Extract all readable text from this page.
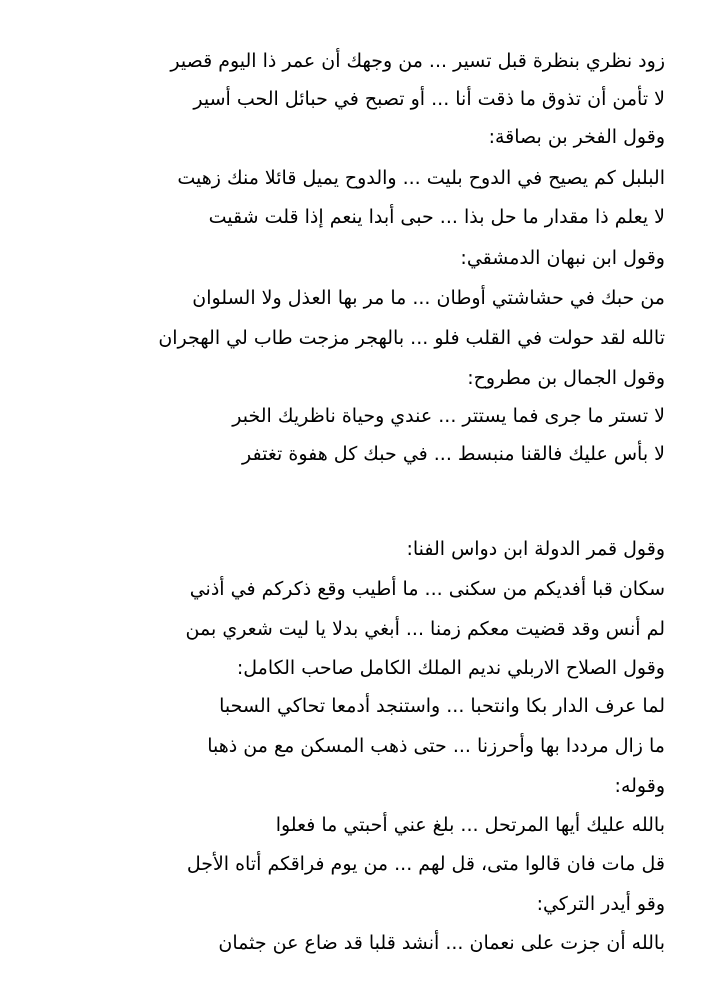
زود نظري بنظرة قبل تسير ... من وجهك أن عمر ذا اليوم قصير
لا تأمن أن تذوق ما ذقت أنا ... أو تصبح في حبائل الحب أسير
وقول الفخر بن بصاقة:
البلبل كم يصيح في الدوح بليت ... والدوح يميل قائلا منك زهيت
لا يعلم ذا مقدار ما حل بذا ... حبى أبدا ينعم إذا قلت شقيت
وقول ابن نبهان الدمشقي:
من حبك في حشاشتي أوطان ... ما مر بها العذل ولا السلوان
تالله لقد حولت في القلب فلو ... بالهجر مزجت طاب لي الهجران
وقول الجمال بن مطروح:
لا تستر ما جرى فما يستتر ... عندي وحياة ناظريك الخبر
لا بأس عليك فالقنا منبسط ... في حبك كل هفوة تغتفر
وقول قمر الدولة ابن دواس الفنا:
سكان قبا أفديكم من سكنى ... ما أطيب وقع ذكركم في أذني
لم أنس وقد قضيت معكم زمنا ... أبغي بدلا يا ليت شعري بمن
وقول الصلاح الاربلي نديم الملك الكامل صاحب الكامل:
لما عرف الدار بكا وانتحبا ... واستنجد أدمعا تحاكي السحبا
ما زال مرددا بها وأحرزنا ... حتى ذهب المسكن مع من ذهبا
وقوله:
بالله عليك أيها المرتحل ... بلغ عني أحبتي ما فعلوا
قل مات فان قالوا متى، قل لهم ... من يوم فراقكم أتاه الأجل
وقو أيدر التركي:
بالله أن جزت على نعمان ... أنشد قلبا قد ضاع عن جثمان
